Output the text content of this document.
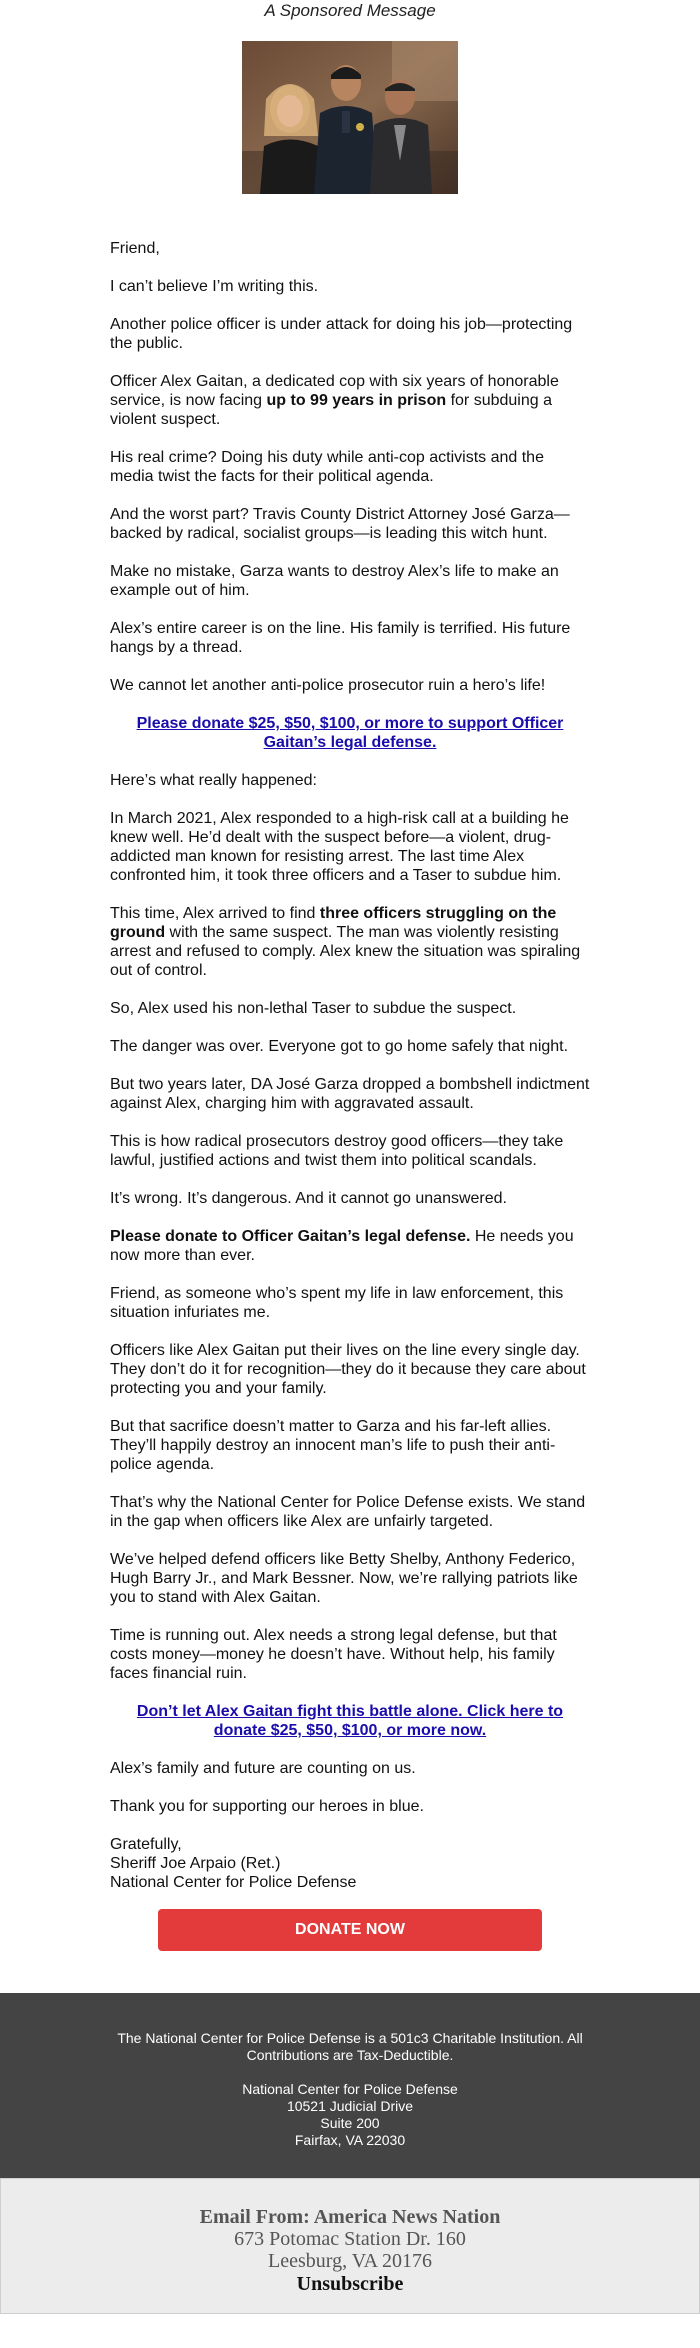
A Sponsored Message

Friend,

I can’t believe I’m writing this.

Another police officer is under attack for doing his job—protecting the public.

Officer Alex Gaitan, a dedicated cop with six years of honorable service, is now facing up to 99 years in prison for subduing a violent suspect.

His real crime? Doing his duty while anti-cop activists and the media twist the facts for their political agenda.

And the worst part? Travis County District Attorney José Garza—backed by radical, socialist groups—is leading this witch hunt.

Make no mistake, Garza wants to destroy Alex’s life to make an example out of him.

Alex’s entire career is on the line. His family is terrified. His future hangs by a thread.

We cannot let another anti-police prosecutor ruin a hero’s life!

Please donate $25, $50, $100, or more to support Officer Gaitan’s legal defense.

Here’s what really happened:

In March 2021, Alex responded to a high-risk call at a building he knew well. He’d dealt with the suspect before—a violent, drug-addicted man known for resisting arrest. The last time Alex confronted him, it took three officers and a Taser to subdue him.

This time, Alex arrived to find three officers struggling on the ground with the same suspect. The man was violently resisting arrest and refused to comply. Alex knew the situation was spiraling out of control.

So, Alex used his non-lethal Taser to subdue the suspect.

The danger was over. Everyone got to go home safely that night.

But two years later, DA José Garza dropped a bombshell indictment against Alex, charging him with aggravated assault.

This is how radical prosecutors destroy good officers—they take lawful, justified actions and twist them into political scandals.

It’s wrong. It’s dangerous. And it cannot go unanswered.

Please donate to Officer Gaitan’s legal defense. He needs you now more than ever.

Friend, as someone who’s spent my life in law enforcement, this situation infuriates me.

Officers like Alex Gaitan put their lives on the line every single day. They don’t do it for recognition—they do it because they care about protecting you and your family.

But that sacrifice doesn’t matter to Garza and his far-left allies. They’ll happily destroy an innocent man’s life to push their anti-police agenda.

That’s why the National Center for Police Defense exists. We stand in the gap when officers like Alex are unfairly targeted.

We’ve helped defend officers like Betty Shelby, Anthony Federico, Hugh Barry Jr., and Mark Bessner. Now, we’re rallying patriots like you to stand with Alex Gaitan.

Time is running out. Alex needs a strong legal defense, but that costs money—money he doesn’t have. Without help, his family faces financial ruin.

Don’t let Alex Gaitan fight this battle alone. Click here to donate $25, $50, $100, or more now.

Alex’s family and future are counting on us.

Thank you for supporting our heroes in blue.

Gratefully,

Sheriff Joe Arpaio (Ret.)

National Center for Police Defense

DONATE NOW

The National Center for Police Defense is a 501c3 Charitable Institution. All Contributions are Tax-Deductible.

National Center for Police Defense

10521 Judicial Drive

Suite 200

Fairfax, VA 22030

Email From: America News Nation
673 Potomac Station Dr. 160
Leesburg, VA 20176
Unsubscribe
